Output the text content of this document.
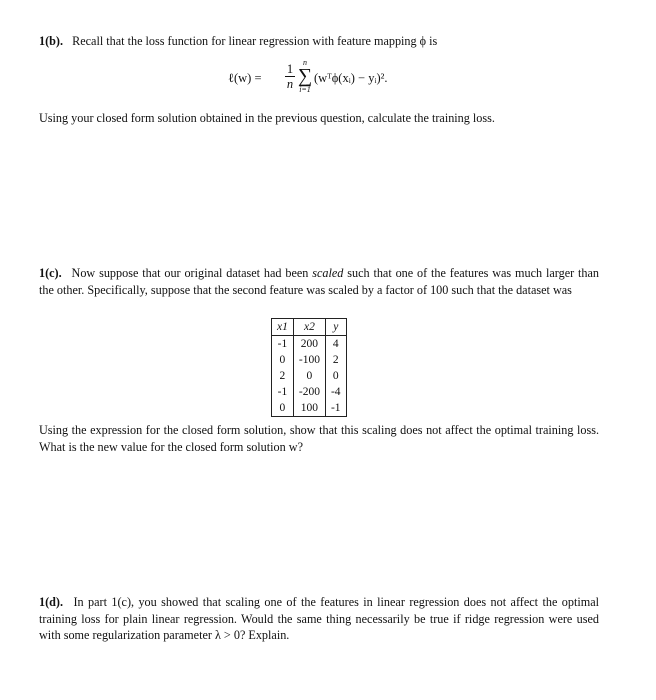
1(b). Recall that the loss function for linear regression with feature mapping ϕ is
ℓ(w) =
1
n
n
∑
i=1
(wᵀϕ(xᵢ) − yᵢ)².
Using your closed form solution obtained in the previous question, calculate the training loss.
1(c). Now suppose that our original dataset had been scaled such that one of the features was much larger than the other. Specifically, suppose that the second feature was scaled by a factor of 100 such that the dataset was
x1	x2	y
-1	200	4
0	-100	2
2	0	0
-1	-200	-4
0	100	-1
Using the expression for the closed form solution, show that this scaling does not affect the optimal training loss. What is the new value for the closed form solution w?
1(d). In part 1(c), you showed that scaling one of the features in linear regression does not affect the optimal training loss for plain linear regression. Would the same thing necessarily be true if ridge regression were used with some regularization parameter λ > 0? Explain.
